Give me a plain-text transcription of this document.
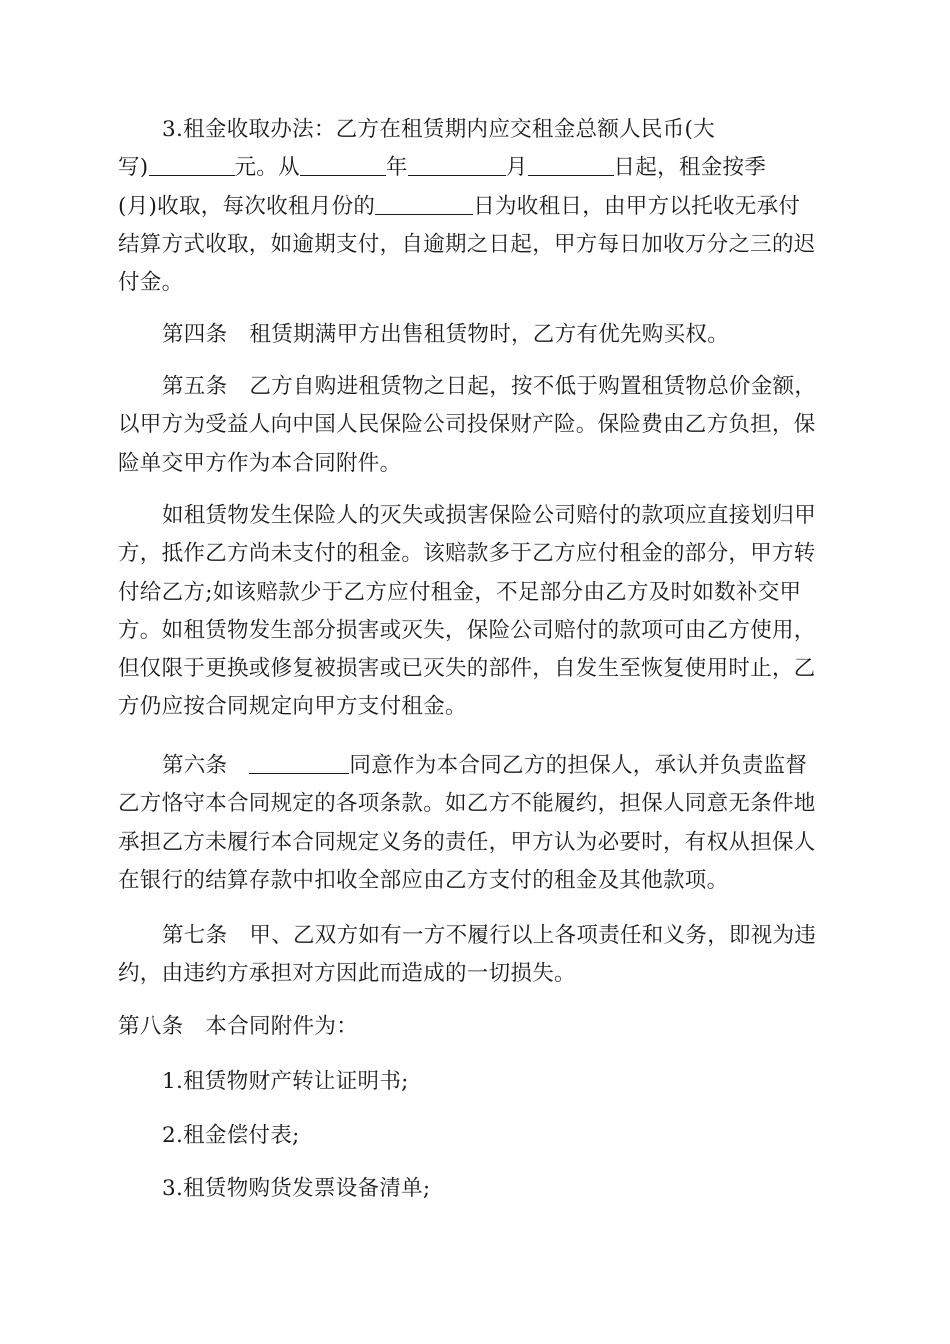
3.租金收取办法：乙方在租赁期内应交租金总额人民币(大
写)	元。从	年	月	日起，租金按季
(月)收取，每次收租月份的	日为收租日，由甲方以托收无承付
结算方式收取，如逾期支付，自逾期之日起，甲方每日加收万分之三的迟
付金。
第四条 租赁期满甲方出售租赁物时，乙方有优先购买权。
第五条 乙方自购进租赁物之日起，按不低于购置租赁物总价金额，
以甲方为受益人向中国人民保险公司投保财产险。保险费由乙方负担，保
险单交甲方作为本合同附件。
如租赁物发生保险人的灭失或损害保险公司赔付的款项应直接划归甲
方，抵作乙方尚未支付的租金。该赔款多于乙方应付租金的部分，甲方转
付给乙方;如该赔款少于乙方应付租金，不足部分由乙方及时如数补交甲
方。如租赁物发生部分损害或灭失，保险公司赔付的款项可由乙方使用，
但仅限于更换或修复被损害或已灭失的部件，自发生至恢复使用时止，乙
方仍应按合同规定向甲方支付租金。
第六条	同意作为本合同乙方的担保人，承认并负责监督
乙方恪守本合同规定的各项条款。如乙方不能履约，担保人同意无条件地
承担乙方未履行本合同规定义务的责任，甲方认为必要时，有权从担保人
在银行的结算存款中扣收全部应由乙方支付的租金及其他款项。
第七条 甲、乙双方如有一方不履行以上各项责任和义务，即视为违
约，由违约方承担对方因此而造成的一切损失。
第八条 本合同附件为：
1.租赁物财产转让证明书;
2.租金偿付表;
3.租赁物购货发票设备清单;
